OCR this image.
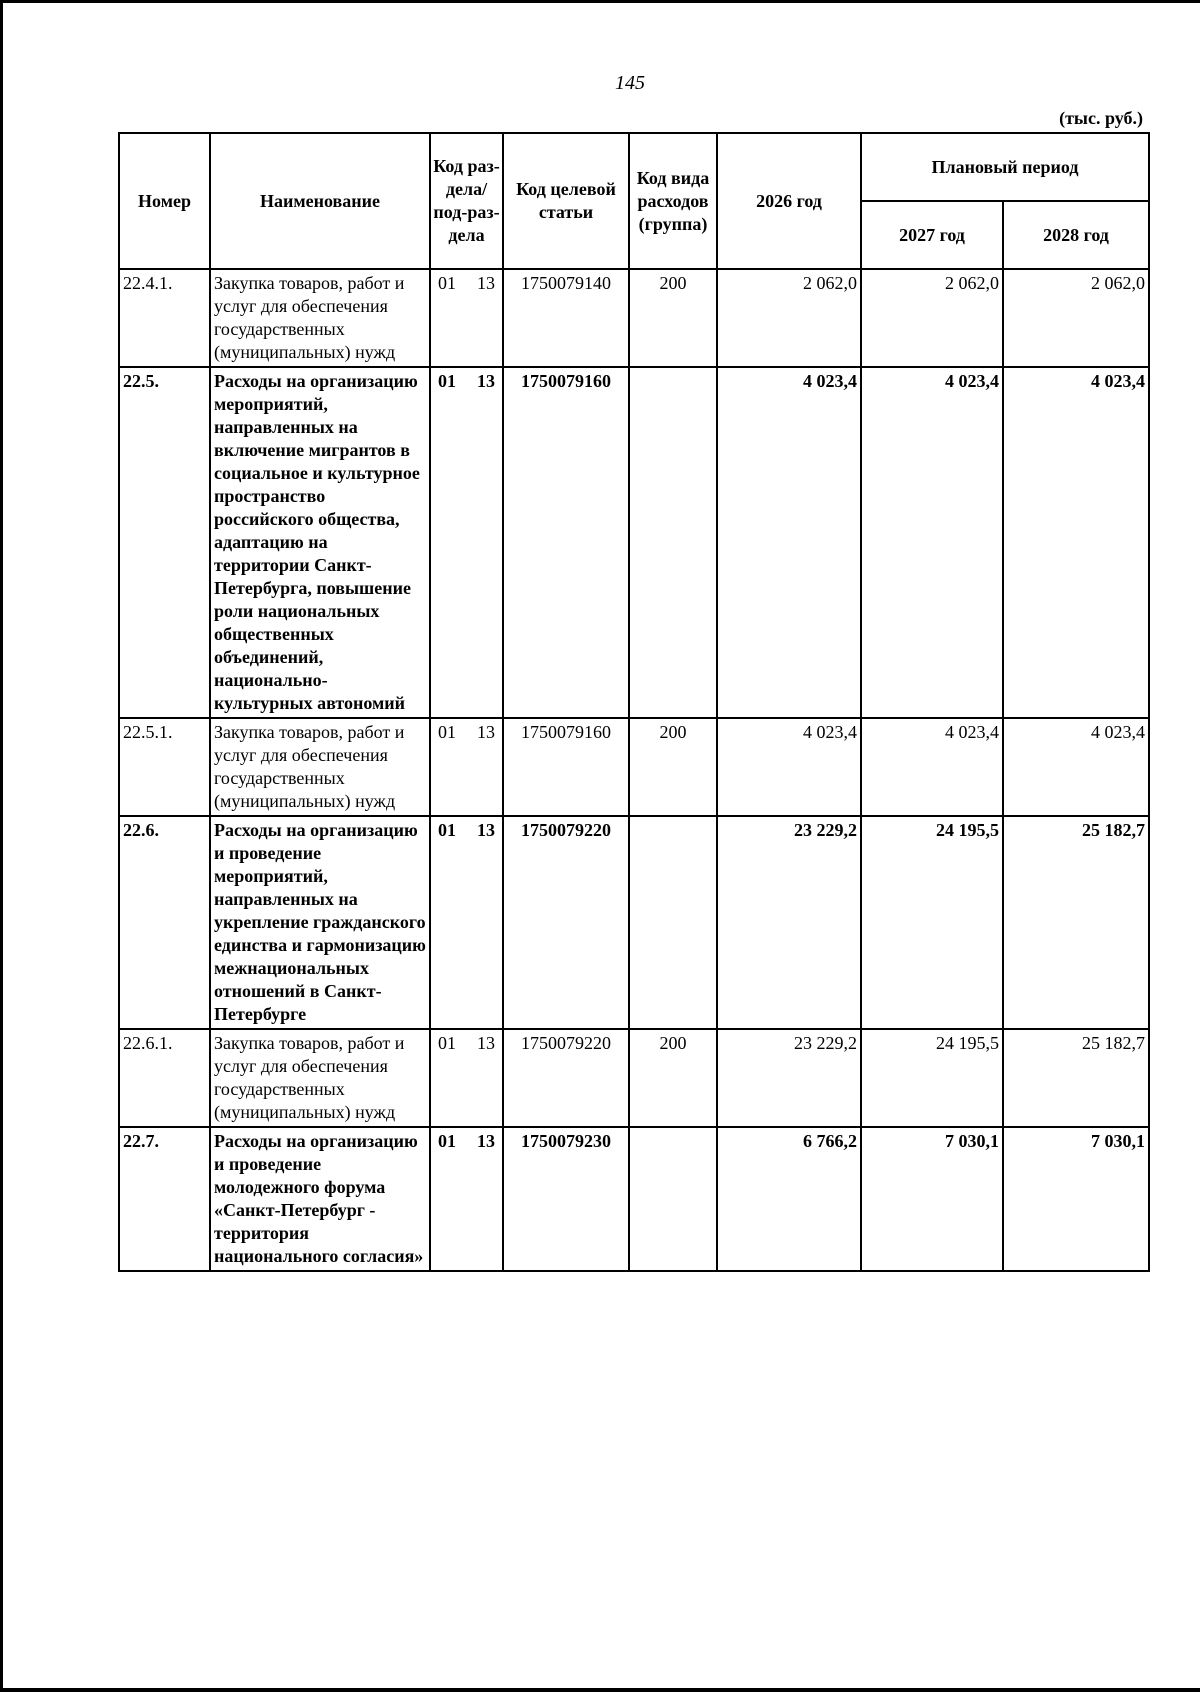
145
(тыс. руб.)
Номер	Наименование	Код раз-дела/ под-раз-дела	Код целевой статьи	Код вида расходов (группа)	2026 год	Плановый период	
						2027 год	2028 год
22.4.1.	Закупка товаров, работ и услуг для обеспечения государственных (муниципальных) нужд	01 13	1750079140	200	2 062,0	2 062,0	2 062,0
22.5.	Расходы на организацию мероприятий, направленных на включение мигрантов в социальное и культурное пространство российского общества, адаптацию на территории Санкт-Петербурга, повышение роли национальных общественных объединений, национально-культурных автономий	01 13	1750079160		4 023,4	4 023,4	4 023,4
22.5.1.	Закупка товаров, работ и услуг для обеспечения государственных (муниципальных) нужд	01 13	1750079160	200	4 023,4	4 023,4	4 023,4
22.6.	Расходы на организацию и проведение мероприятий, направленных на укрепление гражданского единства и гармонизацию межнациональных отношений в Санкт-Петербурге	01 13	1750079220		23 229,2	24 195,5	25 182,7
22.6.1.	Закупка товаров, работ и услуг для обеспечения государственных (муниципальных) нужд	01 13	1750079220	200	23 229,2	24 195,5	25 182,7
22.7.	Расходы на организацию и проведение молодежного форума «Санкт-Петербург - территория национального согласия»	01 13	1750079230		6 766,2	7 030,1	7 030,1
